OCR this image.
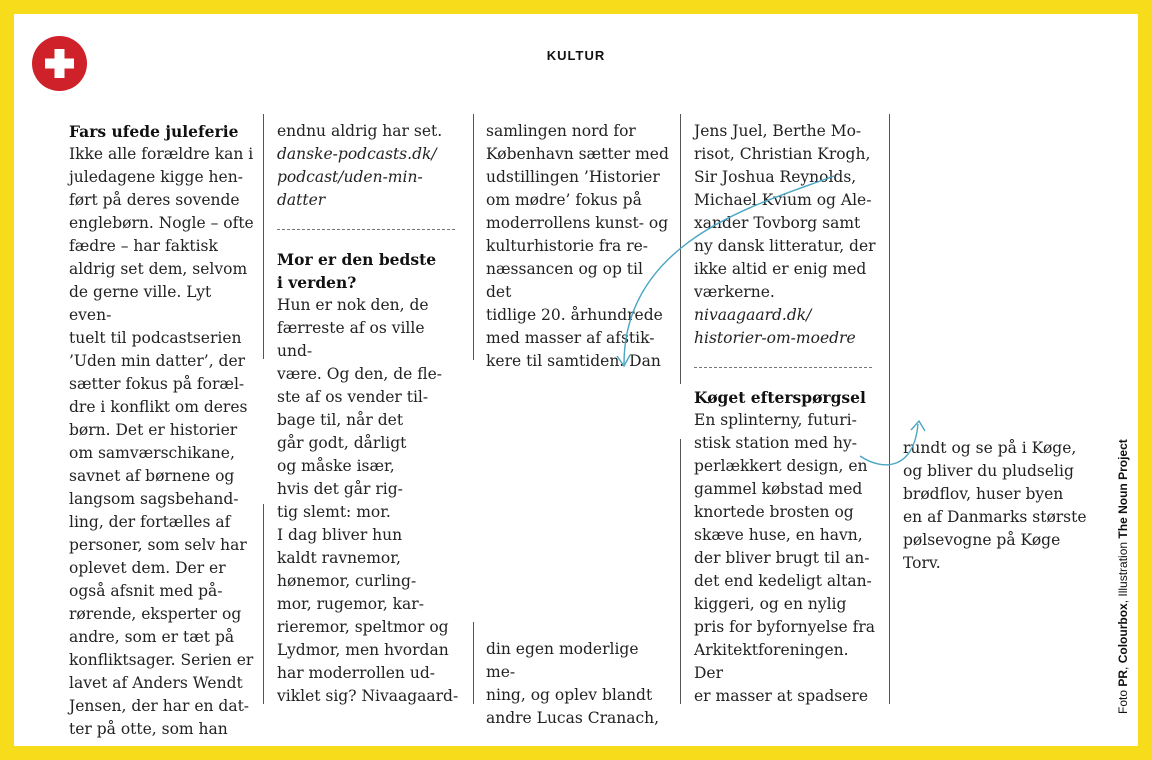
KULTUR

Fars ufede juleferie

Ikke alle forældre kan i

juledagene kigge hen-

ført på deres sovende

englebørn. Nogle – ofte

fædre – har faktisk

aldrig set dem, selvom

de gerne ville. Lyt even-

tuelt til podcastserien

’Uden min datter’, der

sætter fokus på foræl-

dre i konflikt om deres

børn. Det er historier

om samværschikane,

savnet af børnene og

langsom sagsbehand-

ling, der fortælles af

personer, som selv har

oplevet dem. Der er

også afsnit med på-

rørende, eksperter og

andre, som er tæt på

konfliktsager. Serien er

lavet af Anders Wendt

Jensen, der har en dat-

ter på otte, som han

endnu aldrig har set.

danske-podcasts.dk/

podcast/uden-min-

datter

Mor er den bedste

i verden?

Hun er nok den, de

færreste af os ville und-

være. Og den, de fle-

ste af os vender til-

bage til, når det

går godt, dårligt

og måske især,

hvis det går rig-

tig slemt: mor.

I dag bliver hun

kaldt ravnemor,

hønemor, curling-

mor, rugemor, kar-

rieremor, speltmor og

Lydmor, men hvordan

har moderrollen ud-

viklet sig? Nivaagaard-

samlingen nord for

København sætter med

udstillingen ’Historier

om mødre’ fokus på

moderrollens kunst- og

kulturhistorie fra re-

næssancen og op til det

tidlige 20. århundrede

med masser af afstik-

kere til samtiden. Dan

din egen moderlige me-

ning, og oplev blandt

andre Lucas Cranach,

Jens Juel, Berthe Mo-

risot, Christian Krogh,

Sir Joshua Reynolds,

Michael Kvium og Ale-

xander Tovborg samt

ny dansk litteratur, der

ikke altid er enig med

værkerne.

nivaagaard.dk/

historier-om-moedre

Køget efterspørgsel

En splinterny, futuri-

stisk station med hy-

perlækkert design, en

gammel købstad med

knortede brosten og

skæve huse, en havn,

der bliver brugt til an-

det end kedeligt altan-

kiggeri, og en nylig

pris for byfornyelse fra

Arkitektforeningen. Der

er masser at spadsere

rundt og se på i Køge,

og bliver du pludselig

brødflov, huser byen

en af Danmarks største

pølsevogne på Køge

Torv.

Foto PR, Colourbox, Illustration The Noun Project
